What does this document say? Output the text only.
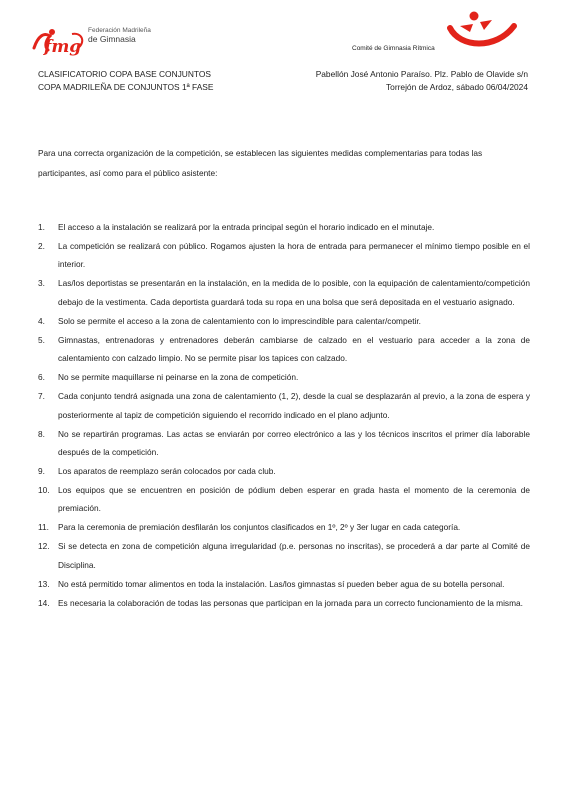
fmg
Federación Madrileña
de Gimnasia
Comité de Gimnasia Rítmica
CLASIFICATORIO COPA BASE CONJUNTOS
COPA MADRILEÑA DE CONJUNTOS 1ª FASE
Pabellón José Antonio Paraíso. Plz. Pablo de Olavide s/n
Torrejón de Ardoz, sábado 06/04/2024
Para una correcta organización de la competición, se establecen las siguientes medidas complementarias para todas las participantes, así como para el público asistente:
1. El acceso a la instalación se realizará por la entrada principal según el horario indicado en el minutaje.
2. La competición se realizará con público. Rogamos ajusten la hora de entrada para permanecer el mínimo tiempo posible en el interior.
3. Las/los deportistas se presentarán en la instalación, en la medida de lo posible, con la equipación de calentamiento/competición debajo de la vestimenta. Cada deportista guardará toda su ropa en una bolsa que será depositada en el vestuario asignado.
4. Solo se permite el acceso a la zona de calentamiento con lo imprescindible para calentar/competir.
5. Gimnastas, entrenadoras y entrenadores deberán cambiarse de calzado en el vestuario para acceder a la zona de calentamiento con calzado limpio. No se permite pisar los tapices con calzado.
6. No se permite maquillarse ni peinarse en la zona de competición.
7. Cada conjunto tendrá asignada una zona de calentamiento (1, 2), desde la cual se desplazarán al previo, a la zona de espera y posteriormente al tapiz de competición siguiendo el recorrido indicado en el plano adjunto.
8. No se repartirán programas. Las actas se enviarán por correo electrónico a las y los técnicos inscritos el primer día laborable después de la competición.
9. Los aparatos de reemplazo serán colocados por cada club.
10. Los equipos que se encuentren en posición de pódium deben esperar en grada hasta el momento de la ceremonia de premiación.
11. Para la ceremonia de premiación desfilarán los conjuntos clasificados en 1º, 2º y 3er lugar en cada categoría.
12. Si se detecta en zona de competición alguna irregularidad (p.e. personas no inscritas), se procederá a dar parte al Comité de Disciplina.
13. No está permitido tomar alimentos en toda la instalación. Las/los gimnastas sí pueden beber agua de su botella personal.
14. Es necesaria la colaboración de todas las personas que participan en la jornada para un correcto funcionamiento de la misma.
